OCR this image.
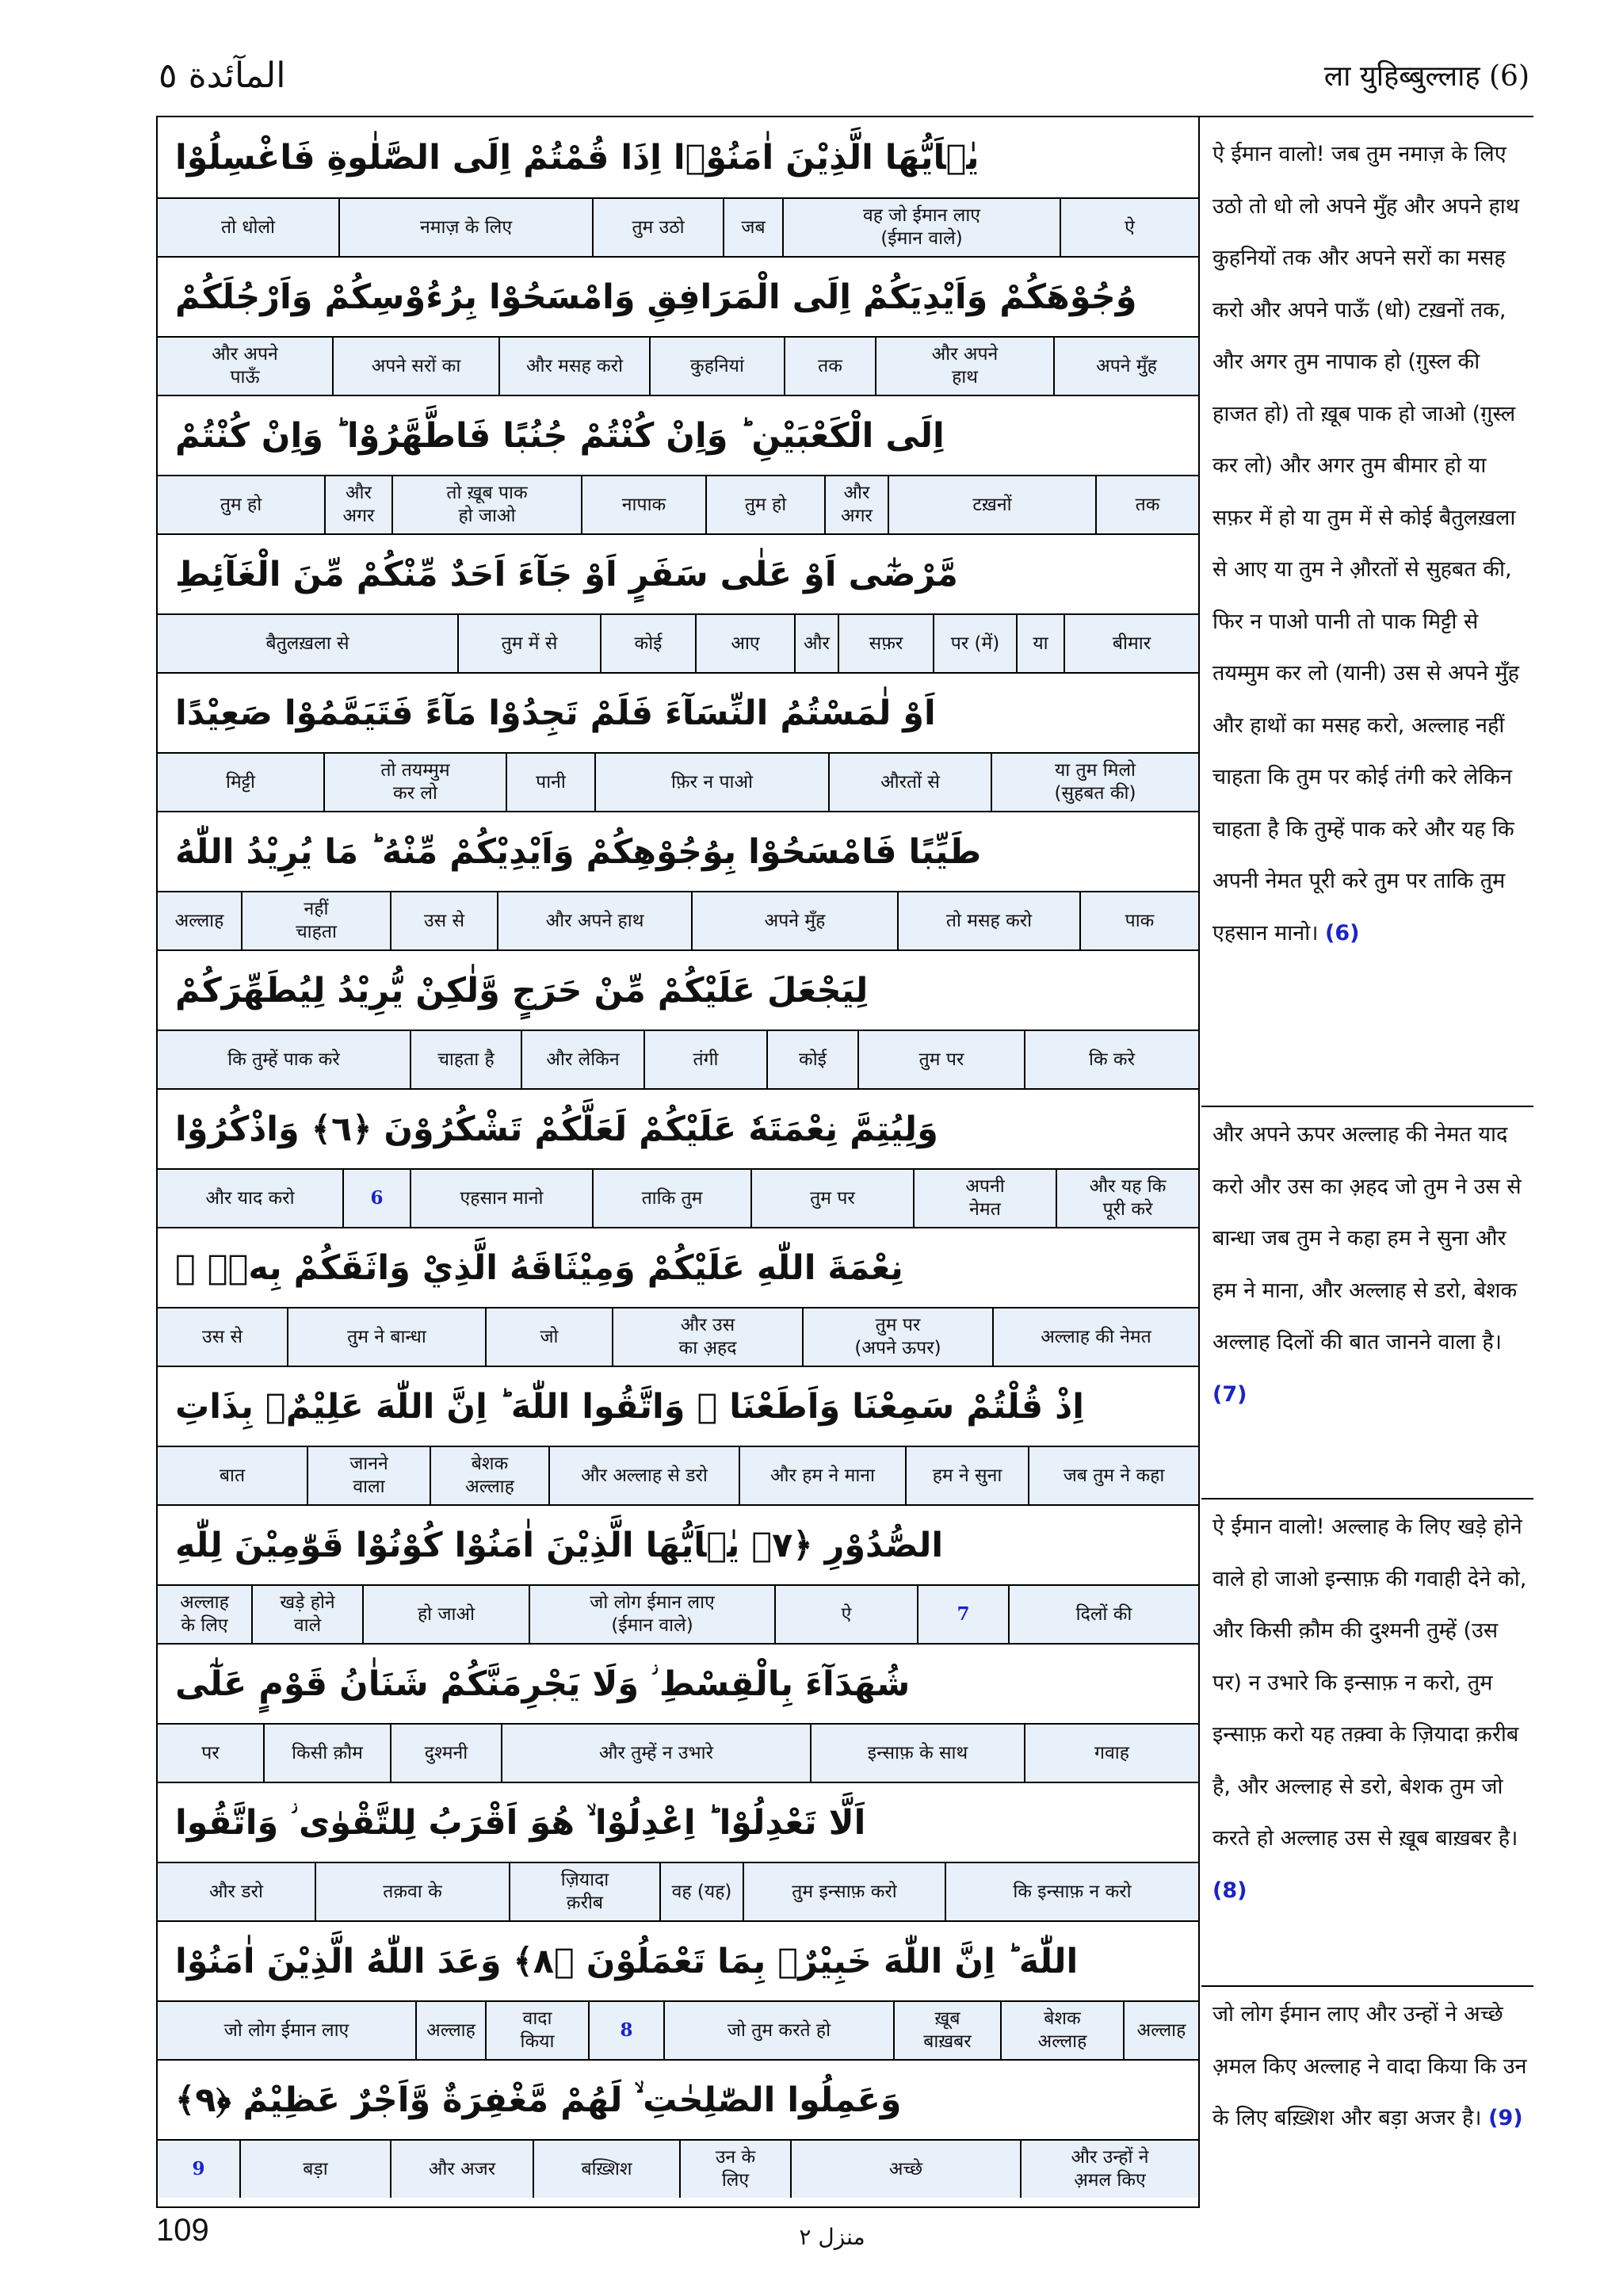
المآئدة ٥	ला युहिब्बुल्लाह (6)
يٰۤاَيُّهَا الَّذِيْنَ اٰمَنُوْۤا اِذَا قُمْتُمْ اِلَى الصَّلٰوةِ فَاغْسِلُوْا
ऐ
वह जो ईमान लाए
(ईमान वाले)
जब
तुम उठो
नमाज़ के लिए
तो धोलो
وُجُوْهَكُمْ وَاَيْدِيَكُمْ اِلَى الْمَرَافِقِ وَامْسَحُوْا بِرُءُوْسِكُمْ وَاَرْجُلَكُمْ
अपने मुँह
और अपने
हाथ
तक
कुहनियां
और मसह करो
अपने सरों का
और अपने
पाऊँ
اِلَى الْكَعْبَيْنِ ؕ وَاِنْ كُنْتُمْ جُنُبًا فَاطَّهَّرُوْا ؕ وَاِنْ كُنْتُمْ
तक
टख़नों
और
अगर
तुम हो
नापाक
तो ख़ूब पाक
हो जाओ
और
अगर
तुम हो
مَّرْضٰٓى اَوْ عَلٰى سَفَرٍ اَوْ جَآءَ اَحَدٌ مِّنْكُمْ مِّنَ الْغَآئِطِ
बीमार
या
पर (में)
सफ़र
और
आए
कोई
तुम में से
बैतुलख़ला से
اَوْ لٰمَسْتُمُ النِّسَآءَ فَلَمْ تَجِدُوْا مَآءً فَتَيَمَّمُوْا صَعِيْدًا
या तुम मिलो
(सुहबत की)
औरतों से
फ़िर न पाओ
पानी
तो तयम्मुम
कर लो
मिट्टी
طَيِّبًا فَامْسَحُوْا بِوُجُوْهِكُمْ وَاَيْدِيْكُمْ مِّنْهُ ؕ مَا يُرِيْدُ اللّٰهُ
पाक
तो मसह करो
अपने मुँह
और अपने हाथ
उस से
नहीं
चाहता
अल्लाह
لِيَجْعَلَ عَلَيْكُمْ مِّنْ حَرَجٍ وَّلٰكِنْ يُّرِيْدُ لِيُطَهِّرَكُمْ
कि करे
तुम पर
कोई
तंगी
और लेकिन
चाहता है
कि तुम्हें पाक करे
وَلِيُتِمَّ نِعْمَتَهٗ عَلَيْكُمْ لَعَلَّكُمْ تَشْكُرُوْنَ ﴿٦﴾ وَاذْكُرُوْا
और यह कि
पूरी करे
अपनी
नेमत
तुम पर
ताकि तुम
एहसान मानो
6
और याद करो
نِعْمَةَ اللّٰهِ عَلَيْكُمْ وَمِيْثَاقَهُ الَّذِيْ وَاثَقَكُمْ بِهٖۤ ۙ
अल्लाह की नेमत
तुम पर
(अपने ऊपर)
और उस
का अ़हद
जो
तुम ने बान्धा
उस से
اِذْ قُلْتُمْ سَمِعْنَا وَاَطَعْنَا ؗ وَاتَّقُوا اللّٰهَ ؕ اِنَّ اللّٰهَ عَلِيْمٌۢ بِذَاتِ
जब तुम ने कहा
हम ने सुना
और हम ने माना
और अल्लाह से डरो
बेशक
अल्लाह
जानने
वाला
बात
الصُّدُوْرِ ﴿٧﴾ يٰۤاَيُّهَا الَّذِيْنَ اٰمَنُوْا كُوْنُوْا قَوّٰمِيْنَ لِلّٰهِ
दिलों की
7
ऐ
जो लोग ईमान लाए
(ईमान वाले)
हो जाओ
खड़े होने
वाले
अल्लाह
के लिए
شُهَدَآءَ بِالْقِسْطِ ؗ وَلَا يَجْرِمَنَّكُمْ شَنَاٰنُ قَوْمٍ عَلٰٓى
गवाह
इन्साफ़ के साथ
और तुम्हें न उभारे
दुश्मनी
किसी क़ौम
पर
اَلَّا تَعْدِلُوْا ؕ اِعْدِلُوْا ۙ هُوَ اَقْرَبُ لِلتَّقْوٰى ؗ وَاتَّقُوا
कि इन्साफ़ न करो
तुम इन्साफ़ करो
वह (यह)
ज़ियादा
क़रीब
तक़वा के
और डरो
اللّٰهَ ؕ اِنَّ اللّٰهَ خَبِيْرٌۢ بِمَا تَعْمَلُوْنَ ﴿٨﴾ وَعَدَ اللّٰهُ الَّذِيْنَ اٰمَنُوْا
अल्लाह
बेशक
अल्लाह
ख़ूब
बाख़बर
जो तुम करते हो
8
वादा
किया
अल्लाह
जो लोग ईमान लाए
وَعَمِلُوا الصّٰلِحٰتِ ۙ لَهُمْ مَّغْفِرَةٌ وَّاَجْرٌ عَظِيْمٌ ﴿٩﴾
और उन्हों ने
अ़मल किए
अच्छे
उन के
लिए
बख़्शिश
और अजर
बड़ा
9
ऐ ईमान वालो! जब तुम नमाज़ के लिए उठो तो धो लो अपने मुँह और अपने हाथ कुहनियों तक और अपने सरों का मसह करो और अपने पाऊँ (धो) टख़नों तक, और अगर तुम नापाक हो (ग़ुस्ल की हाजत हो) तो ख़ूब पाक हो जाओ (ग़ुस्ल कर लो) और अगर तुम बीमार हो या सफ़र में हो या तुम में से कोई बैतुलख़ला से आए या तुम ने औ़रतों से सुहबत की, फिर न पाओ पानी तो पाक मिट्टी से तयम्मुम कर लो (यानी) उस से अपने मुँह और हाथों का मसह करो, अल्लाह नहीं चाहता कि तुम पर कोई तंगी करे लेकिन चाहता है कि तुम्हें पाक करे और यह कि अपनी नेमत पूरी करे तुम पर ताकि तुम एहसान मानो। (6)
और अपने ऊपर अल्लाह की नेमत याद करो और उस का अ़हद जो तुम ने उस से बान्धा जब तुम ने कहा हम ने सुना और हम ने माना, और अल्लाह से डरो, बेशक अल्लाह दिलों की बात जानने वाला है। (7)
ऐ ईमान वालो! अल्लाह के लिए खड़े होने वाले हो जाओ इन्साफ़ की गवाही देने को, और किसी क़ौम की दुश्मनी तुम्हें (उस पर) न उभारे कि इन्साफ़ न करो, तुम इन्साफ़ करो यह तक़्वा के ज़ियादा क़रीब है, और अल्लाह से डरो, बेशक तुम जो करते हो अल्लाह उस से ख़ूब बाख़बर है। (8)
जो लोग ईमान लाए और उन्हों ने अच्छे अ़मल किए अल्लाह ने वादा किया कि उन के लिए बख़्शिश और बड़ा अजर है। (9)
109	منزل ٢
